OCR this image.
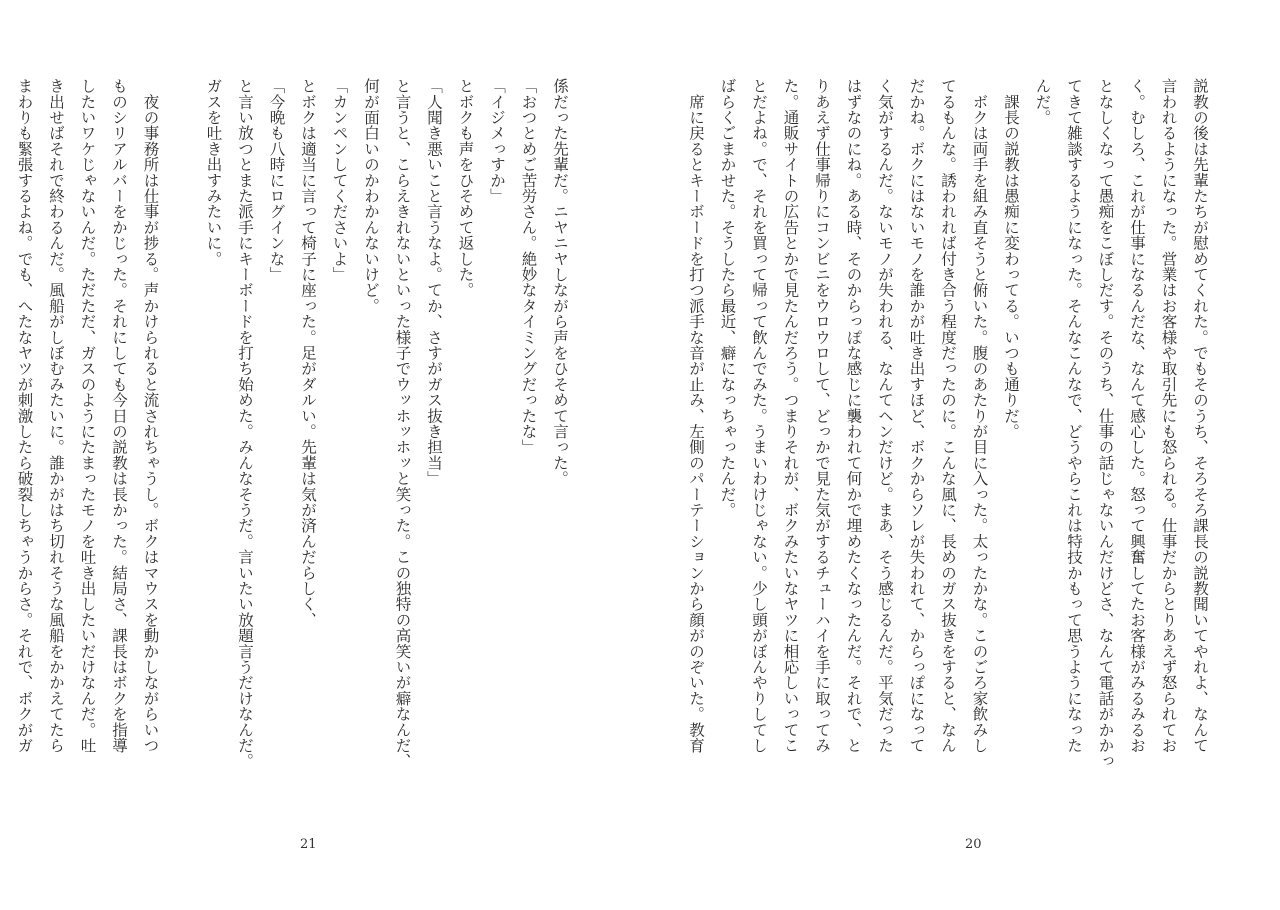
説教の後は先輩たちが慰めてくれた。でもそのうち、そろそろ課長の説教聞いてやれよ、なんて
言われるようになった。営業はお客様や取引先にも怒られる。仕事だからとりあえず怒られてお
く。むしろ、これが仕事になるんだな、なんて感心した。怒って興奮してたお客様がみるみるお
となしくなって愚痴をこぼしだす。そのうち、仕事の話じゃないんだけどさ、なんて電話がかかっ
てきて雑談するようになった。そんなこんなで、どうやらこれは特技かもって思うようになった
んだ。
　課長の説教は愚痴に変わってる。いつも通りだ。
　ボクは両手を組み直そうと俯いた。腹のあたりが目に入った。太ったかな。このごろ家飲みし
てるもんな。誘われれば付き合う程度だったのに。こんな風に、長めのガス抜きをすると、なん
だかね。ボクにはないモノを誰かが吐き出すほど、ボクからソレが失われて、からっぽになって
く気がするんだ。ないモノが失われる、なんてヘンだけど。まあ、そう感じるんだ。平気だった
はずなのにね。ある時、そのからっぽな感じに襲われて何かで埋めたくなったんだ。それで、と
りあえず仕事帰りにコンビニをウロウロして、どっかで見た気がするチューハイを手に取ってみ
た。通販サイトの広告とかで見たんだろう。つまりそれが、ボクみたいなヤツに相応しいってこ
とだよね。で、それを買って帰って飲んでみた。うまいわけじゃない。少し頭がぼんやりしてし
ばらくごまかせた。そうしたら最近、癖になっちゃったんだ。
　席に戻るとキーボードを打つ派手な音が止み、左側のパーテーションから顔がのぞいた。教育
20
係だった先輩だ。ニヤニヤしながら声をひそめて言った。
「おつとめご苦労さん。絶妙なタイミングだったな」
「イジメっすか」
とボクも声をひそめて返した。
「人聞き悪いこと言うなよ。てか、さすがガス抜き担当」
と言うと、こらえきれないといった様子でウッホッホッと笑った。この独特の高笑いが癖なんだ、
何が面白いのかわかんないけど。
「カンペンしてくださいよ」
とボクは適当に言って椅子に座った。足がダルい。先輩は気が済んだらしく、
「今晩も八時にログインな」
と言い放つとまた派手にキーボードを打ち始めた。みんなそうだ。言いたい放題言うだけなんだ。
ガスを吐き出すみたいに。

　夜の事務所は仕事が捗る。声かけられると流されちゃうし。ボクはマウスを動かしながらいつ
ものシリアルバーをかじった。それにしても今日の説教は長かった。結局さ、課長はボクを指導
したいワケじゃないんだ。ただただ、ガスのようにたまったモノを吐き出したいだけなんだ。吐
き出せばそれで終わるんだ。風船がしぼむみたいに。誰かがはち切れそうな風船をかかえてたら
まわりも緊張するよね。でも、へたなヤツが刺激したら破裂しちゃうからさ。それで、ボクがガ
21
